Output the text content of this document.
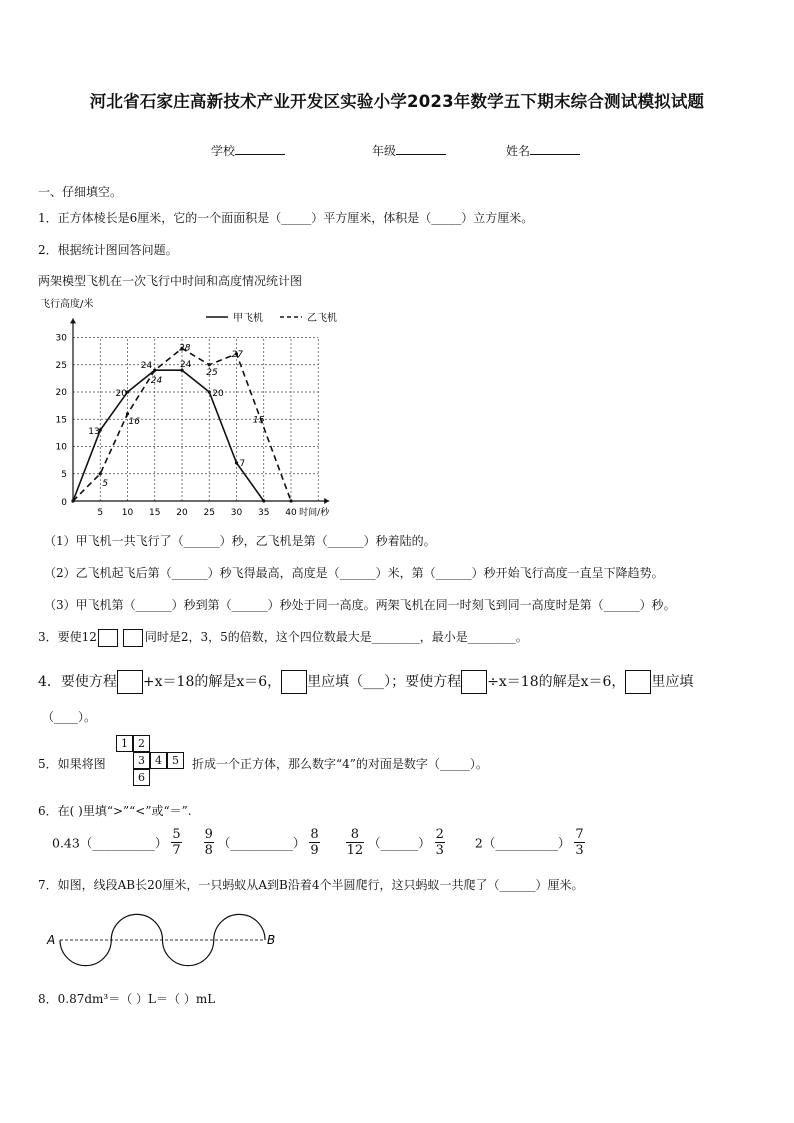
河北省石家庄高新技术产业开发区实验小学2023年数学五下期末综合测试模拟试题
学校	年级	姓名
一、仔细填空。
1．正方体棱长是6厘米，它的一个面面积是（_____）平方厘米，体积是（_____）立方厘米。
2．根据统计图回答问题。
两架模型飞机在一次飞行中时间和高度情况统计图
5 10 15 20 25 30 35 40
5
10
15
20
25
30
0
时间/秒
飞行高度/米
甲飞机	乙飞机
13
20
24	24
20
7
5
16
24
28
25
27
15
（1）甲飞机一共飞行了（______）秒，乙飞机是第（______）秒着陆的。
（2）乙飞机起飞后第（______）秒飞得最高，高度是（______）米，第（______）秒开始飞行高度一直呈下降趋势。
（3）甲飞机第（______）秒到第（______）秒处于同一高度。两架飞机在同一时刻飞到同一高度时是第（______）秒。
3．要使12	同时是2，3，5的倍数，这个四位数最大是________，最小是________。
4．要使方程 +x＝18的解是x＝6， 里应填（___）；要使方程 ÷x＝18的解是x＝6， 里应填
（____）。
5．如果将图
1 2
3 4 5
6
折成一个正方体，那么数字“4”的对面是数字（_____）。
6．在( )里填“>”“<”或“＝”.
0.43（__________） $\frac{5}{7}$
$\frac{9}{8}$ （__________） $\frac{8}{9}$
$\frac{8}{12}$ （______） $\frac{2}{3}$ 2（__________） $\frac{7}{3}$
7．如图，线段AB长20厘米，一只蚂蚁从A到B沿着4个半圆爬行，这只蚂蚁一共爬了（______）厘米。
A	B
8．0.87dm³＝（ ）L＝（ ）mL
